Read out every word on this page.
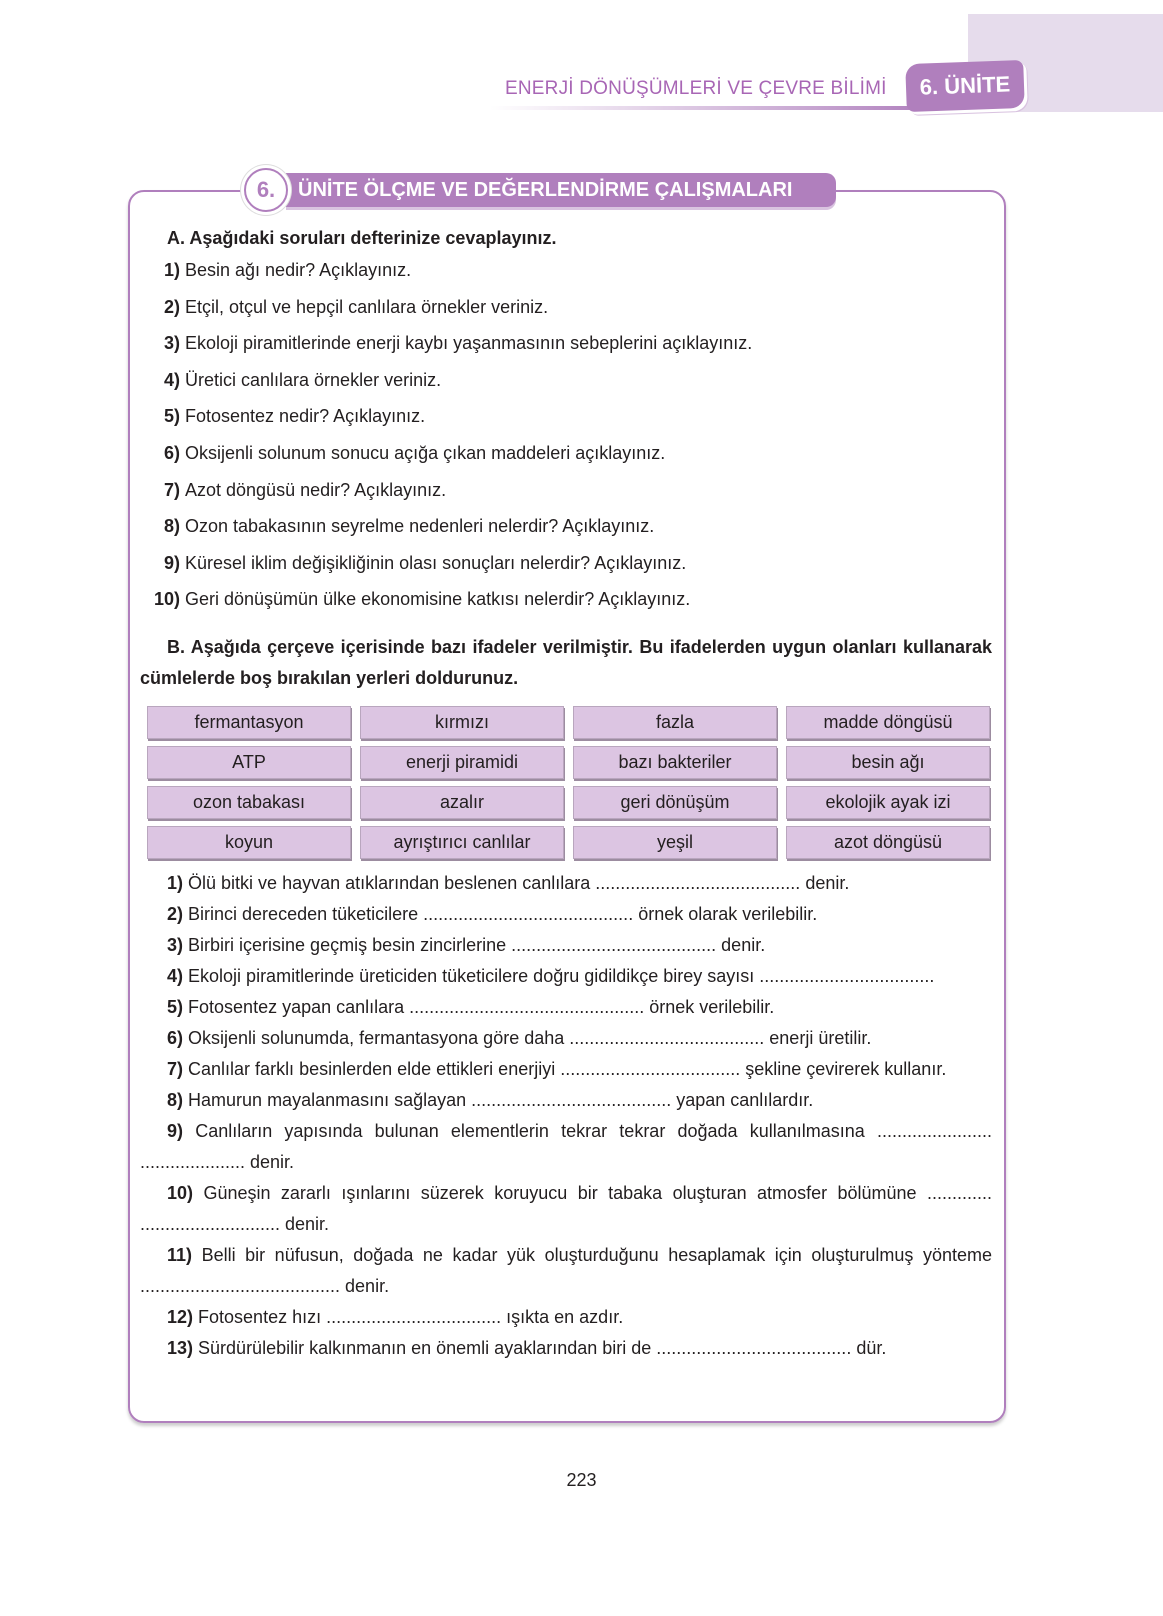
ENERJİ DÖNÜŞÜMLERİ VE ÇEVRE BİLİMİ	6. ÜNİTE
6.	ÜNİTE ÖLÇME VE DEĞERLENDİRME ÇALIŞMALARI
A. Aşağıdaki soruları defterinize cevaplayınız.
1) Besin ağı nedir? Açıklayınız.
2) Etçil, otçul ve hepçil canlılara örnekler veriniz.
3) Ekoloji piramitlerinde enerji kaybı yaşanmasının sebeplerini açıklayınız.
4) Üretici canlılara örnekler veriniz.
5) Fotosentez nedir? Açıklayınız.
6) Oksijenli solunum sonucu açığa çıkan maddeleri açıklayınız.
7) Azot döngüsü nedir? Açıklayınız.
8) Ozon tabakasının seyrelme nedenleri nelerdir? Açıklayınız.
9) Küresel iklim değişikliğinin olası sonuçları nelerdir? Açıklayınız.
10) Geri dönüşümün ülke ekonomisine katkısı nelerdir? Açıklayınız.
B. Aşağıda çerçeve içerisinde bazı ifadeler verilmiştir. Bu ifadelerden uygun olanları kullanarak cümlelerde boş bırakılan yerleri doldurunuz.
fermantasyon	kırmızı	fazla	madde döngüsü
ATP	enerji piramidi	bazı bakteriler	besin ağı
ozon tabakası	azalır	geri dönüşüm	ekolojik ayak izi
koyun	ayrıştırıcı canlılar	yeşil	azot döngüsü

1) Ölü bitki ve hayvan atıklarından beslenen canlılara ......................................... denir.

2) Birinci dereceden tüketicilere .......................................... örnek olarak verilebilir.

3) Birbiri içerisine geçmiş besin zincirlerine ......................................... denir.

4) Ekoloji piramitlerinde üreticiden tüketicilere doğru gidildikçe birey sayısı ...................................

5) Fotosentez yapan canlılara ............................................... örnek verilebilir.

6) Oksijenli solunumda, fermantasyona göre daha ....................................... enerji üretilir.

7) Canlılar farklı besinlerden elde ettikleri enerjiyi .................................... şekline çevirerek kullanır.

8) Hamurun mayalanmasını sağlayan ........................................ yapan canlılardır.

9) Canlıların yapısında bulunan elementlerin tekrar tekrar doğada kullanılmasına ....................... ..................... denir.

10) Güneşin zararlı ışınlarını süzerek koruyucu bir tabaka oluşturan atmosfer bölümüne ............. ............................ denir.

11) Belli bir nüfusun, doğada ne kadar yük oluşturduğunu hesaplamak için oluşturulmuş yönteme ........................................ denir.

12) Fotosentez hızı ................................... ışıkta en azdır.

13) Sürdürülebilir kalkınmanın en önemli ayaklarından biri de ....................................... dür.

223
